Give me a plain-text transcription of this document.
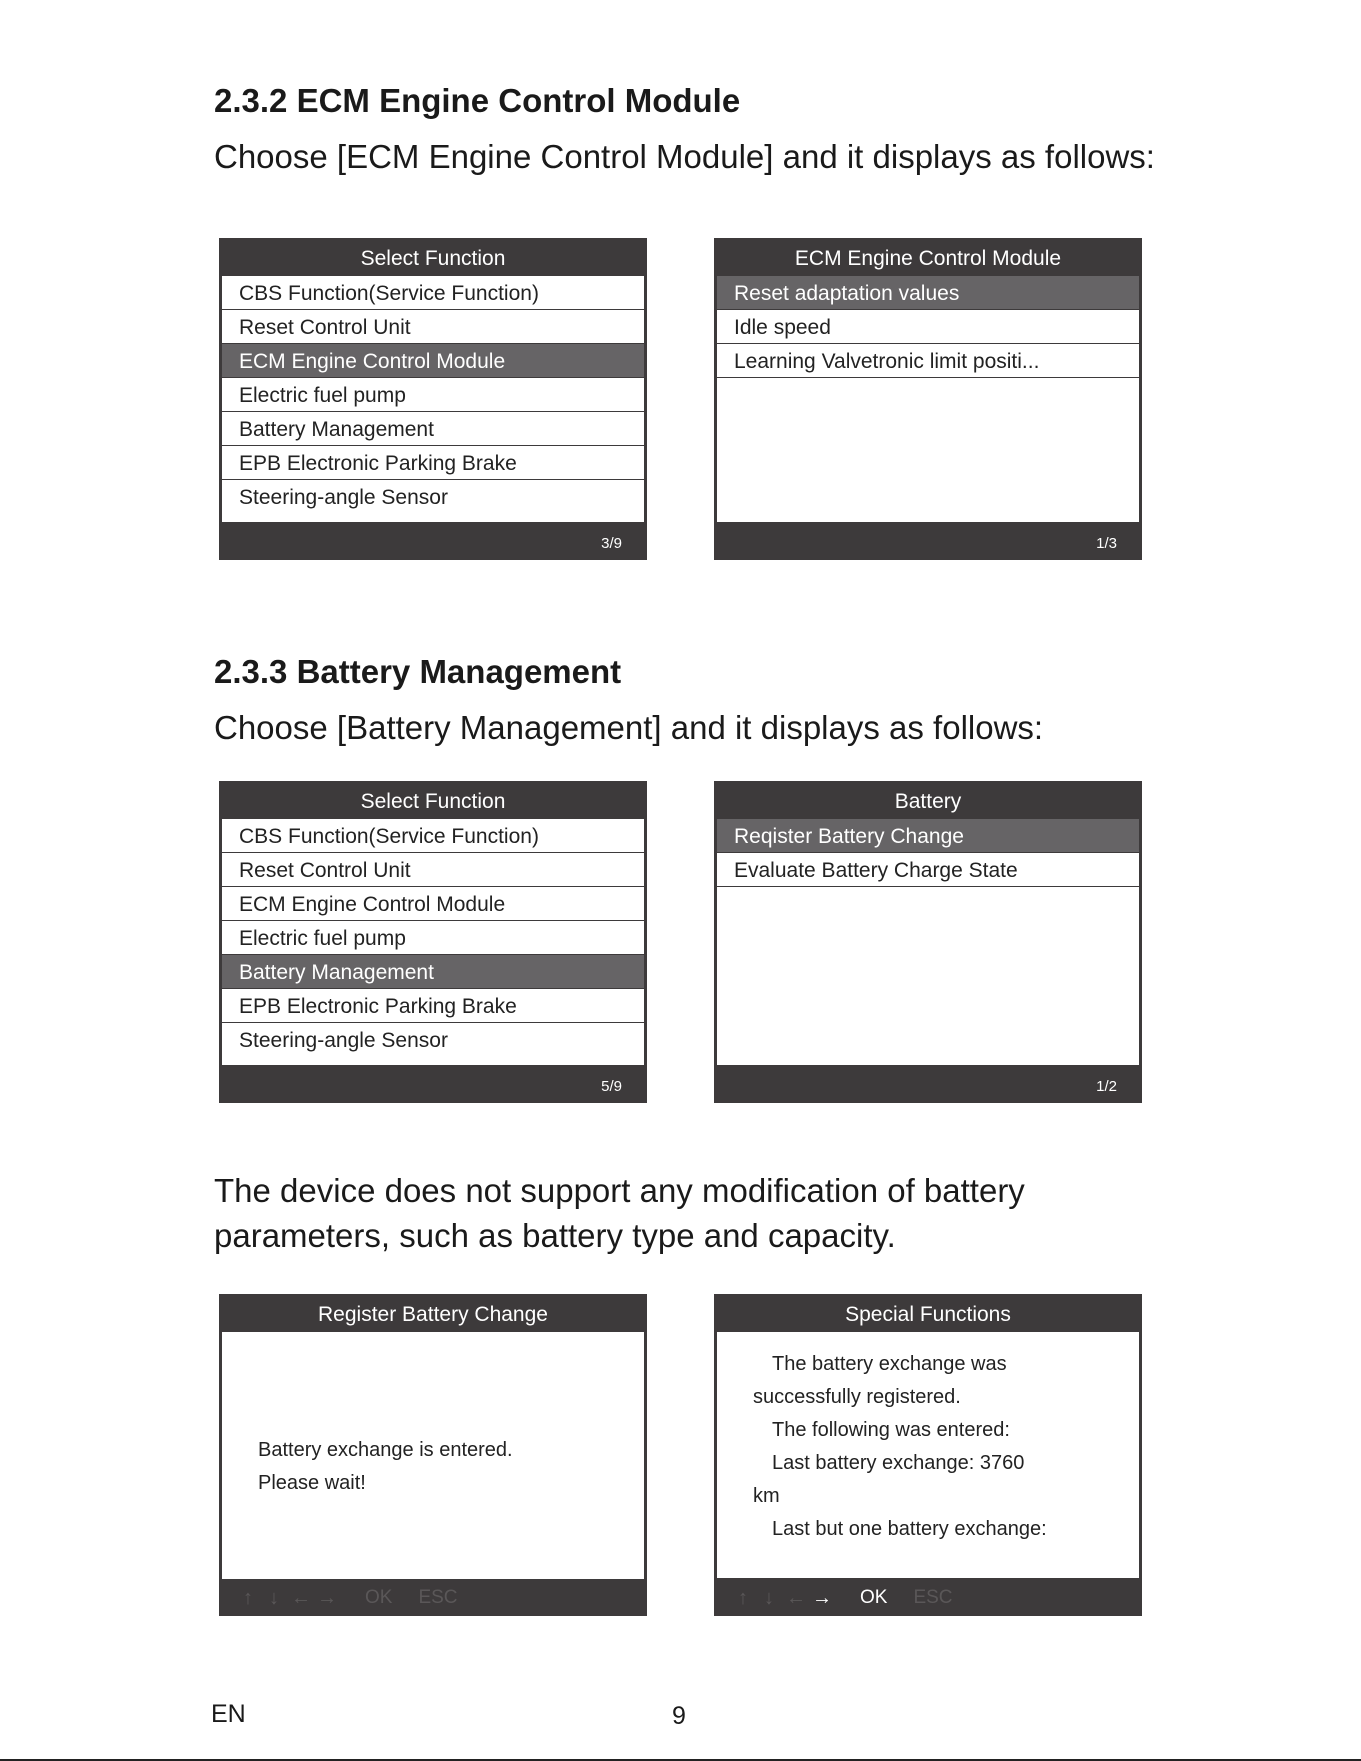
2.3.2 ECM Engine Control Module
Choose [ECM Engine Control Module] and it displays as follows:
Select Function
CBS Function(Service Function)
Reset Control Unit
ECM Engine Control Module
Electric fuel pump
Battery Management
EPB Electronic Parking Brake
Steering-angle Sensor
3/9
ECM Engine Control Module
Reset adaptation values
Idle speed
Learning Valvetronic limit positi...
1/3
2.3.3 Battery Management
Choose [Battery Management] and it displays as follows:
Select Function
CBS Function(Service Function)
Reset Control Unit
ECM Engine Control Module
Electric fuel pump
Battery Management
EPB Electronic Parking Brake
Steering-angle Sensor
5/9
Battery
Reqister Battery Change
Evaluate Battery Charge State
1/2
The device does not support any modification of battery
parameters, such as battery type and capacity.
Register Battery Change
Battery exchange is entered.
Please wait!
↑ ↓ ← → OK ESC
Special Functions
The battery exchange was
successfully registered.
The following was entered:
Last battery exchange: 3760
km
Last but one battery exchange:
↑ ↓ ← → OK ESC
EN	9
